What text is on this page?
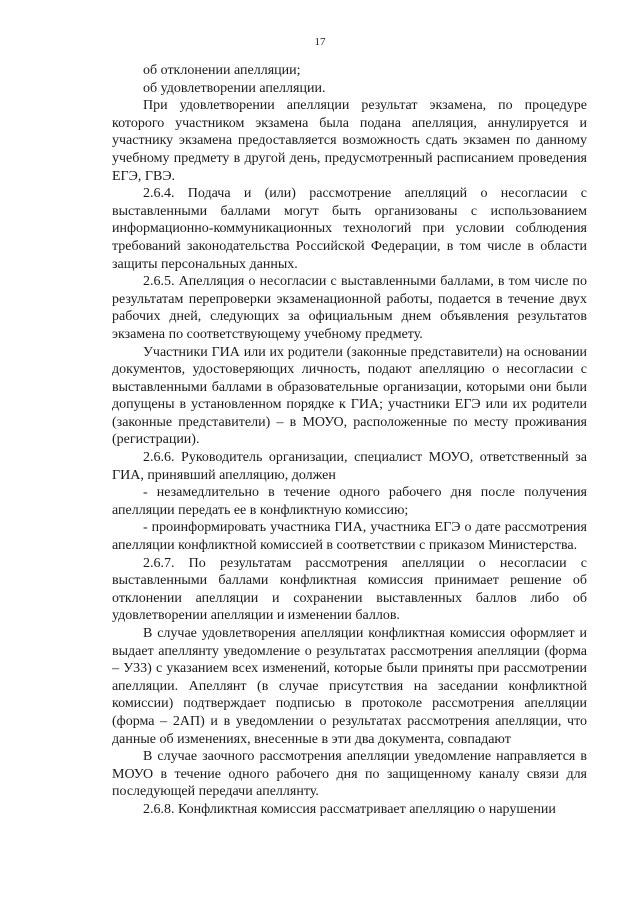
17

об отклонении апелляции;

об удовлетворении апелляции.

При удовлетворении апелляции результат экзамена, по процедуре которого участником экзамена была подана апелляция, аннулируется и участнику экзамена предоставляется возможность сдать экзамен по данному учебному предмету в другой день, предусмотренный расписанием проведения ЕГЭ, ГВЭ.

2.6.4. Подача и (или) рассмотрение апелляций о несогласии с выставленными баллами могут быть организованы с использованием информационно-коммуникационных технологий при условии соблюдения требований законодательства Российской Федерации, в том числе в области защиты персональных данных.

2.6.5. Апелляция о несогласии с выставленными баллами, в том числе по результатам перепроверки экзаменационной работы, подается в течение двух рабочих дней, следующих за официальным днем объявления результатов экзамена по соответствующему учебному предмету.

Участники ГИА или их родители (законные представители) на основании документов, удостоверяющих личность, подают апелляцию о несогласии с выставленными баллами в образовательные организации, которыми они были допущены в установленном порядке к ГИА; участники ЕГЭ или их родители (законные представители) – в МОУО, расположенные по месту проживания (регистрации).

2.6.6. Руководитель организации, специалист МОУО, ответственный за ГИА, принявший апелляцию, должен

- незамедлительно в течение одного рабочего дня после получения апелляции передать ее в конфликтную комиссию;

- проинформировать участника ГИА, участника ЕГЭ о дате рассмотрения апелляции конфликтной комиссией в соответствии с приказом Министерства.

2.6.7. По результатам рассмотрения апелляции о несогласии с выставленными баллами конфликтная комиссия принимает решение об отклонении апелляции и сохранении выставленных баллов либо об удовлетворении апелляции и изменении баллов.

В случае удовлетворения апелляции конфликтная комиссия оформляет и выдает апеллянту уведомление о результатах рассмотрения апелляции (форма – У33) с указанием всех изменений, которые были приняты при рассмотрении апелляции. Апеллянт (в случае присутствия на заседании конфликтной комиссии) подтверждает подписью в протоколе рассмотрения апелляции (форма – 2АП) и в уведомлении о результатах рассмотрения апелляции, что данные об изменениях, внесенные в эти два документа, совпадают

В случае заочного рассмотрения апелляции уведомление направляется в МОУО в течение одного рабочего дня по защищенному каналу связи для последующей передачи апеллянту.

2.6.8. Конфликтная комиссия рассматривает апелляцию о нарушении
